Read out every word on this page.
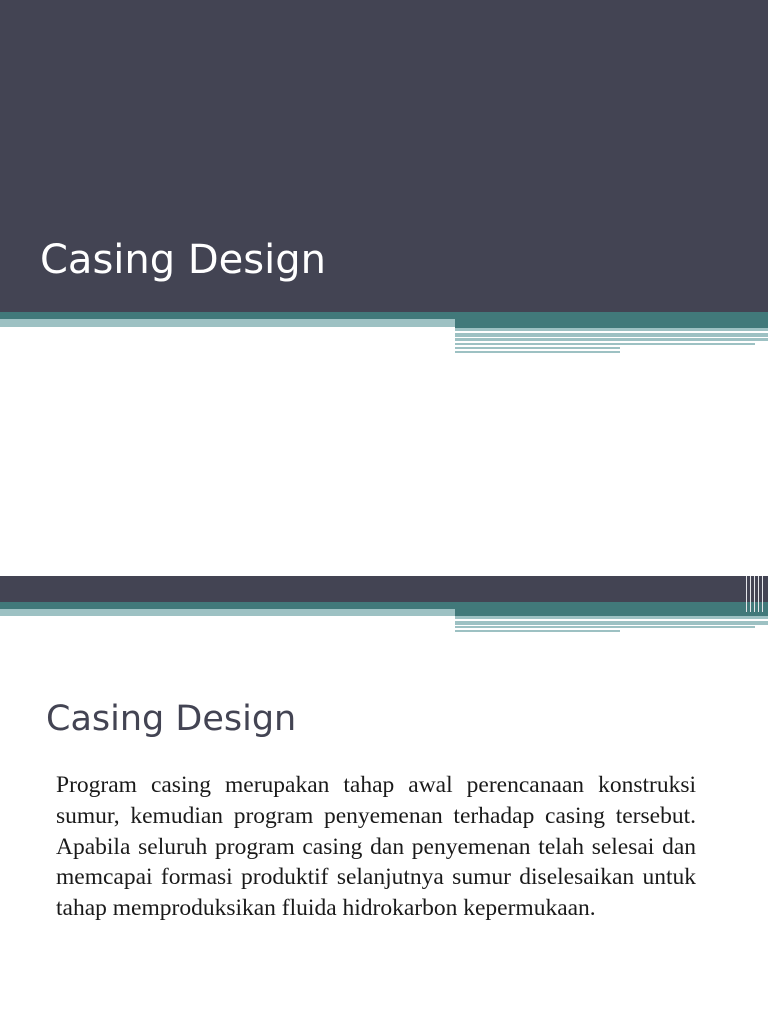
Casing Design
Casing Design

Program casing merupakan tahap awal perencanaan konstruksi sumur, kemudian program penyemenan terhadap casing tersebut. Apabila seluruh program casing dan penyemenan telah selesai dan memcapai formasi produktif selanjutnya sumur diselesaikan untuk tahap memproduksikan fluida hidrokarbon kepermukaan.
